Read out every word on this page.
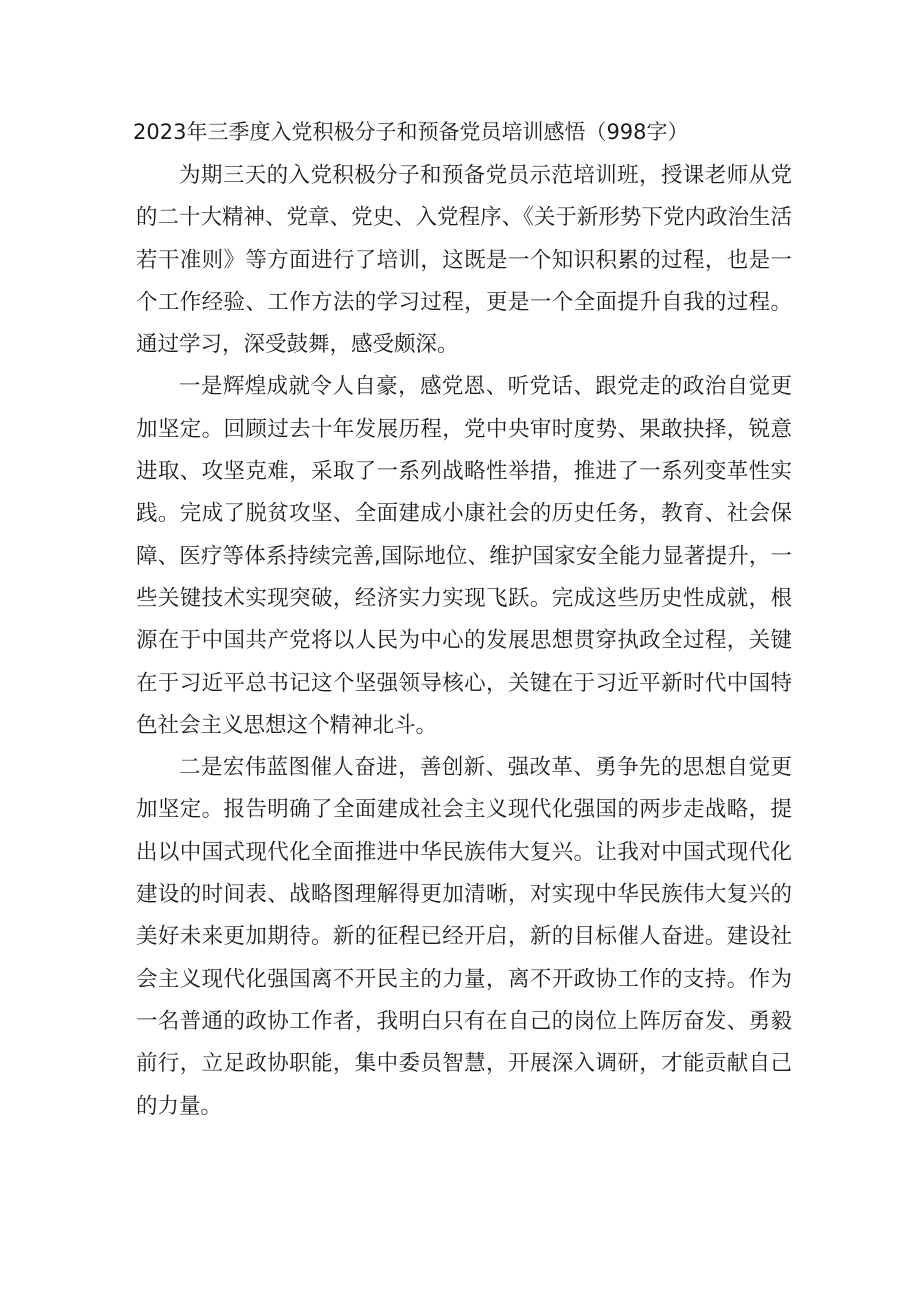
2023年三季度入党积极分子和预备党员培训感悟（998字）

为期三天的入党积极分子和预备党员示范培训班，授课老师从党的二十大精神、党章、党史、入党程序、《关于新形势下党内政治生活若干准则》等方面进行了培训，这既是一个知识积累的过程，也是一个工作经验、工作方法的学习过程，更是一个全面提升自我的过程。通过学习，深受鼓舞，感受颇深。

一是辉煌成就令人自豪，感党恩、听党话、跟党走的政治自觉更加坚定。回顾过去十年发展历程，党中央审时度势、果敢抉择，锐意进取、攻坚克难，采取了一系列战略性举措，推进了一系列变革性实践。完成了脱贫攻坚、全面建成小康社会的历史任务，教育、社会保障、医疗等体系持续完善,国际地位、维护国家安全能力显著提升，一些关键技术实现突破，经济实力实现飞跃。完成这些历史性成就，根源在于中国共产党将以人民为中心的发展思想贯穿执政全过程，关键在于习近平总书记这个坚强领导核心，关键在于习近平新时代中国特色社会主义思想这个精神北斗。

二是宏伟蓝图催人奋进，善创新、强改革、勇争先的思想自觉更加坚定。报告明确了全面建成社会主义现代化强国的两步走战略，提出以中国式现代化全面推进中华民族伟大复兴。让我对中国式现代化建设的时间表、战略图理解得更加清晰，对实现中华民族伟大复兴的美好未来更加期待。新的征程已经开启，新的目标催人奋进。建设社会主义现代化强国离不开民主的力量，离不开政协工作的支持。作为一名普通的政协工作者，我明白只有在自己的岗位上阵厉奋发、勇毅前行，立足政协职能，集中委员智慧，开展深入调研，才能贡献自己的力量。
